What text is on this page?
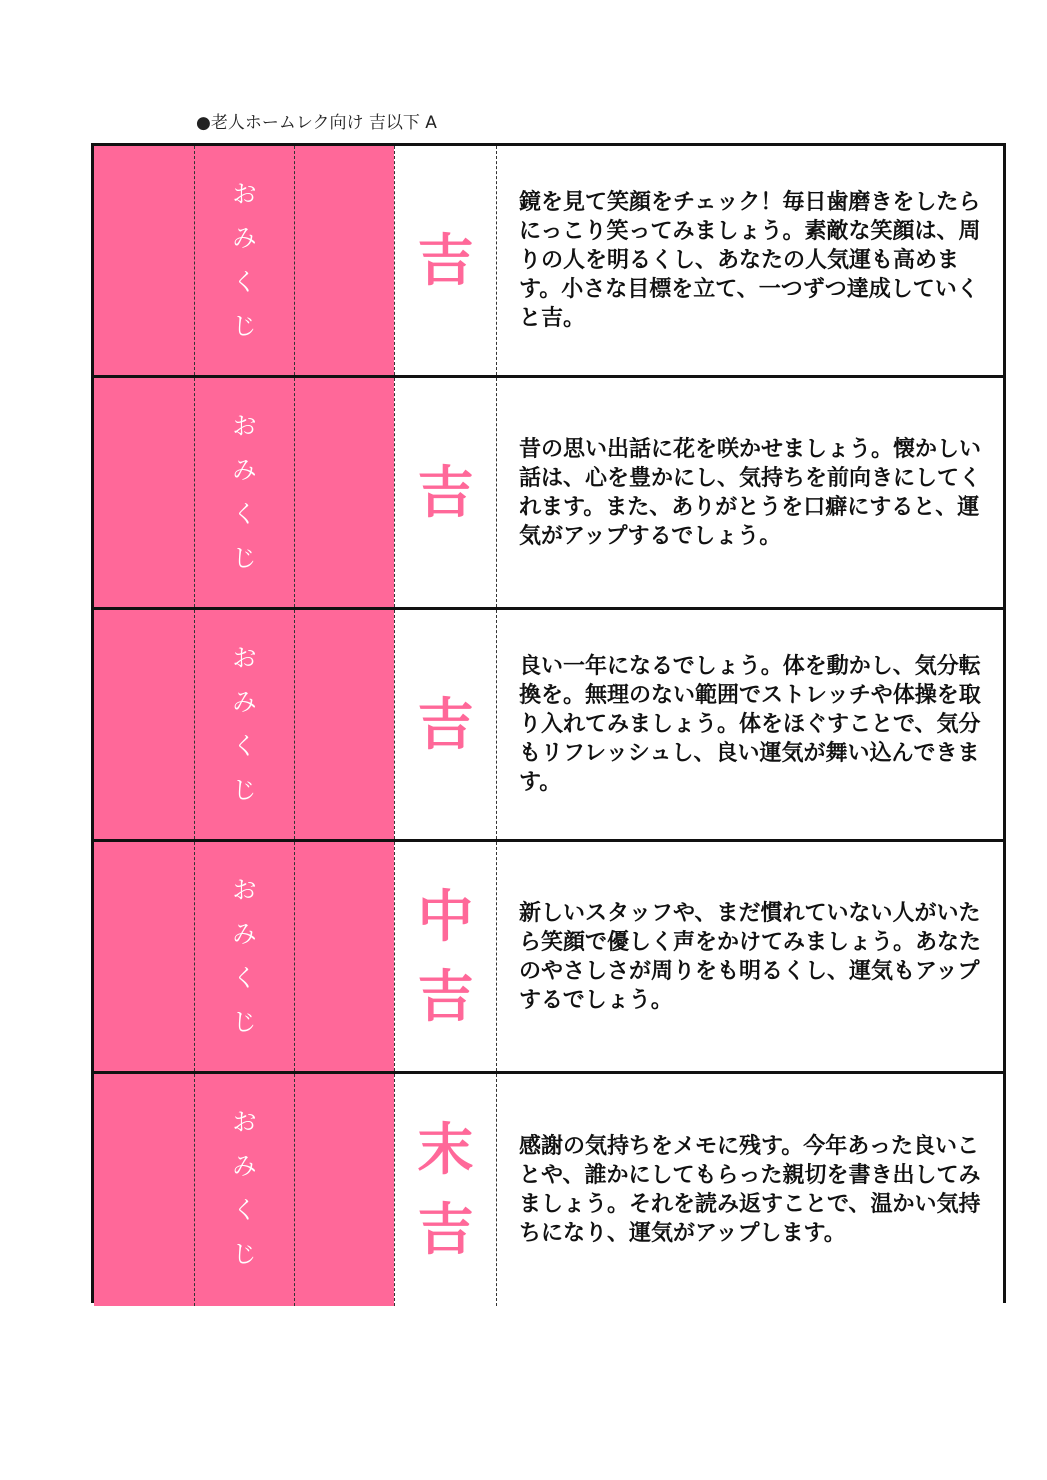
●老人ホームレク向け 吉以下 A
お
み
く
じ
吉
鏡を見て笑顔をチェック！毎日歯磨きをしたらにっこり笑ってみましょう。素敵な笑顔は、周りの人を明るくし、あなたの人気運も高めます。小さな目標を立て、一つずつ達成していくと吉。
お
み
く
じ
吉
昔の思い出話に花を咲かせましょう。懐かしい話は、心を豊かにし、気持ちを前向きにしてくれます。また、ありがとうを口癖にすると、運気がアップするでしょう。
お
み
く
じ
吉
良い一年になるでしょう。体を動かし、気分転換を。無理のない範囲でストレッチや体操を取り入れてみましょう。体をほぐすことで、気分もリフレッシュし、良い運気が舞い込んできます。
お
み
く
じ
中
吉
新しいスタッフや、まだ慣れていない人がいたら笑顔で優しく声をかけてみましょう。あなたのやさしさが周りをも明るくし、運気もアップするでしょう。
お
み
く
じ
末
吉
感謝の気持ちをメモに残す。今年あった良いことや、誰かにしてもらった親切を書き出してみましょう。それを読み返すことで、温かい気持ちになり、運気がアップします。
